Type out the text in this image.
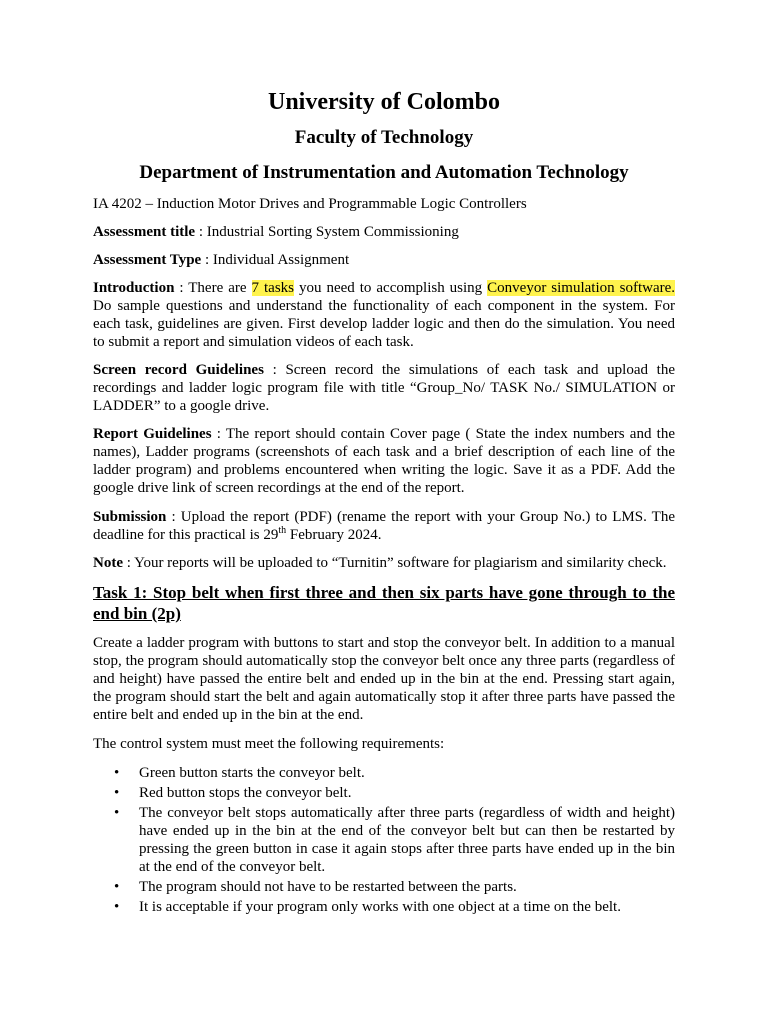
University of Colombo
Faculty of Technology
Department of Instrumentation and Automation Technology
IA 4202 – Induction Motor Drives and Programmable Logic Controllers
Assessment title : Industrial Sorting System Commissioning
Assessment Type : Individual Assignment
Introduction : There are 7 tasks you need to accomplish using Conveyor simulation software. Do sample questions and understand the functionality of each component in the system. For each task, guidelines are given. First develop ladder logic and then do the simulation. You need to submit a report and simulation videos of each task.
Screen record Guidelines : Screen record the simulations of each task and upload the recordings and ladder logic program file with title “Group_No/ TASK No./ SIMULATION or LADDER” to a google drive.
Report Guidelines : The report should contain Cover page ( State the index numbers and the names), Ladder programs (screenshots of each task and a brief description of each line of the ladder program) and problems encountered when writing the logic. Save it as a PDF. Add the google drive link of screen recordings at the end of the report.
Submission : Upload the report (PDF) (rename the report with your Group No.) to LMS. The deadline for this practical is 29th February 2024.
Note : Your reports will be uploaded to “Turnitin” software for plagiarism and similarity check.
Task 1: Stop belt when first three and then six parts have gone through to the end bin (2p)
Create a ladder program with buttons to start and stop the conveyor belt. In addition to a manual stop, the program should automatically stop the conveyor belt once any three parts (regardless of and height) have passed the entire belt and ended up in the bin at the end. Pressing start again, the program should start the belt and again automatically stop it after three parts have passed the entire belt and ended up in the bin at the end.
The control system must meet the following requirements:
• Green button starts the conveyor belt.
• Red button stops the conveyor belt.
• The conveyor belt stops automatically after three parts (regardless of width and height) have ended up in the bin at the end of the conveyor belt but can then be restarted by pressing the green button in case it again stops after three parts have ended up in the bin at the end of the conveyor belt.
• The program should not have to be restarted between the parts.
• It is acceptable if your program only works with one object at a time on the belt.
